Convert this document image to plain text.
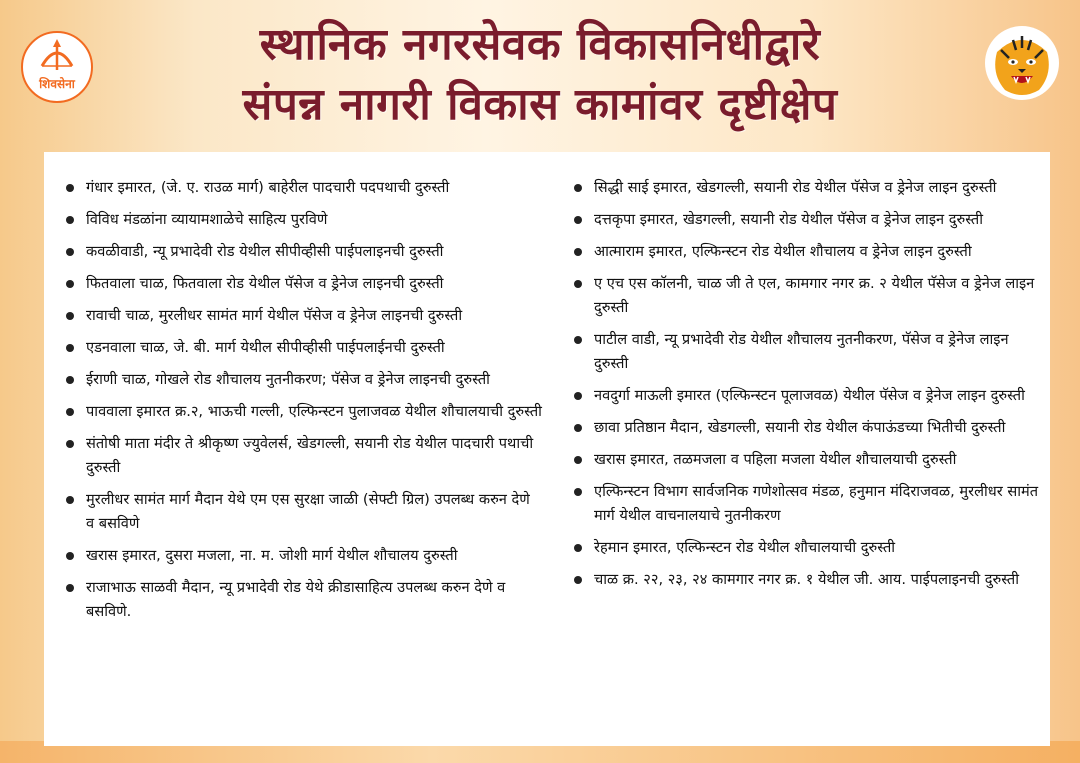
शिवसेना
स्थानिक नगरसेवक विकासनिधीद्वारे
संपन्न नागरी विकास कामांवर दृष्टीक्षेप
गंधार इमारत, (जे. ए. राउळ मार्ग) बाहेरील पादचारी पदपथाची दुरुस्ती
विविध मंडळांना व्यायामशाळेचे साहित्य पुरविणे
कवळीवाडी, न्यू प्रभादेवी रोड येथील सीपीव्हीसी पाईपलाइनची दुरुस्ती
फितवाला चाळ, फितवाला रोड येथील पॅसेज व ड्रेनेज लाइनची दुरुस्ती
रावाची चाळ, मुरलीधर सामंत मार्ग येथील पॅसेज व ड्रेनेज लाइनची दुरुस्ती
एडनवाला चाळ, जे. बी. मार्ग येथील सीपीव्हीसी पाईपलाईनची दुरुस्ती
ईराणी चाळ, गोखले रोड शौचालय नुतनीकरण; पॅसेज व ड्रेनेज लाइनची दुरुस्ती
पाववाला इमारत क्र.२, भाऊची गल्ली, एल्फिन्स्टन पुलाजवळ येथील शौचालयाची दुरुस्ती
संतोषी माता मंदीर ते श्रीकृष्ण ज्युवेलर्स, खेडगल्ली, सयानी रोड येथील पादचारी पथाची दुरुस्ती
मुरलीधर सामंत मार्ग मैदान येथे एम एस सुरक्षा जाळी (सेफ्टी ग्रिल) उपलब्ध करुन देणे व बसविणे
खरास इमारत, दुसरा मजला, ना. म. जोशी मार्ग येथील शौचालय दुरुस्ती
राजाभाऊ साळवी मैदान, न्यू प्रभादेवी रोड येथे क्रीडासाहित्य उपलब्ध करुन देणे व बसविणे.
सिद्धी साई इमारत, खेडगल्ली, सयानी रोड येथील पॅसेज व ड्रेनेज लाइन दुरुस्ती
दत्तकृपा इमारत, खेडगल्ली, सयानी रोड येथील पॅसेज व ड्रेनेज लाइन दुरुस्ती
आत्माराम इमारत, एल्फिन्स्टन रोड येथील शौचालय व ड्रेनेज लाइन दुरुस्ती
ए एच एस कॉलनी, चाळ जी ते एल, कामगार नगर क्र. २ येथील पॅसेज व ड्रेनेज लाइन दुरुस्ती
पाटील वाडी, न्यू प्रभादेवी रोड येथील शौचालय नुतनीकरण, पॅसेज व ड्रेनेज लाइन दुरुस्ती
नवदुर्गा माऊली इमारत (एल्फिन्स्टन पूलाजवळ) येथील पॅसेज व ड्रेनेज लाइन दुरुस्ती
छावा प्रतिष्ठान मैदान, खेडगल्ली, सयानी रोड येथील कंपाऊंडच्या भितीची दुरुस्ती
खरास इमारत, तळमजला व पहिला मजला येथील शौचालयाची दुरुस्ती
एल्फिन्स्टन विभाग सार्वजनिक गणेशोत्सव मंडळ, हनुमान मंदिराजवळ, मुरलीधर सामंत मार्ग येथील वाचनालयाचे नुतनीकरण
रेहमान इमारत, एल्फिन्स्टन रोड येथील शौचालयाची दुरुस्ती
चाळ क्र. २२, २३, २४ कामगार नगर क्र. १ येथील जी. आय. पाईपलाइनची दुरुस्ती
